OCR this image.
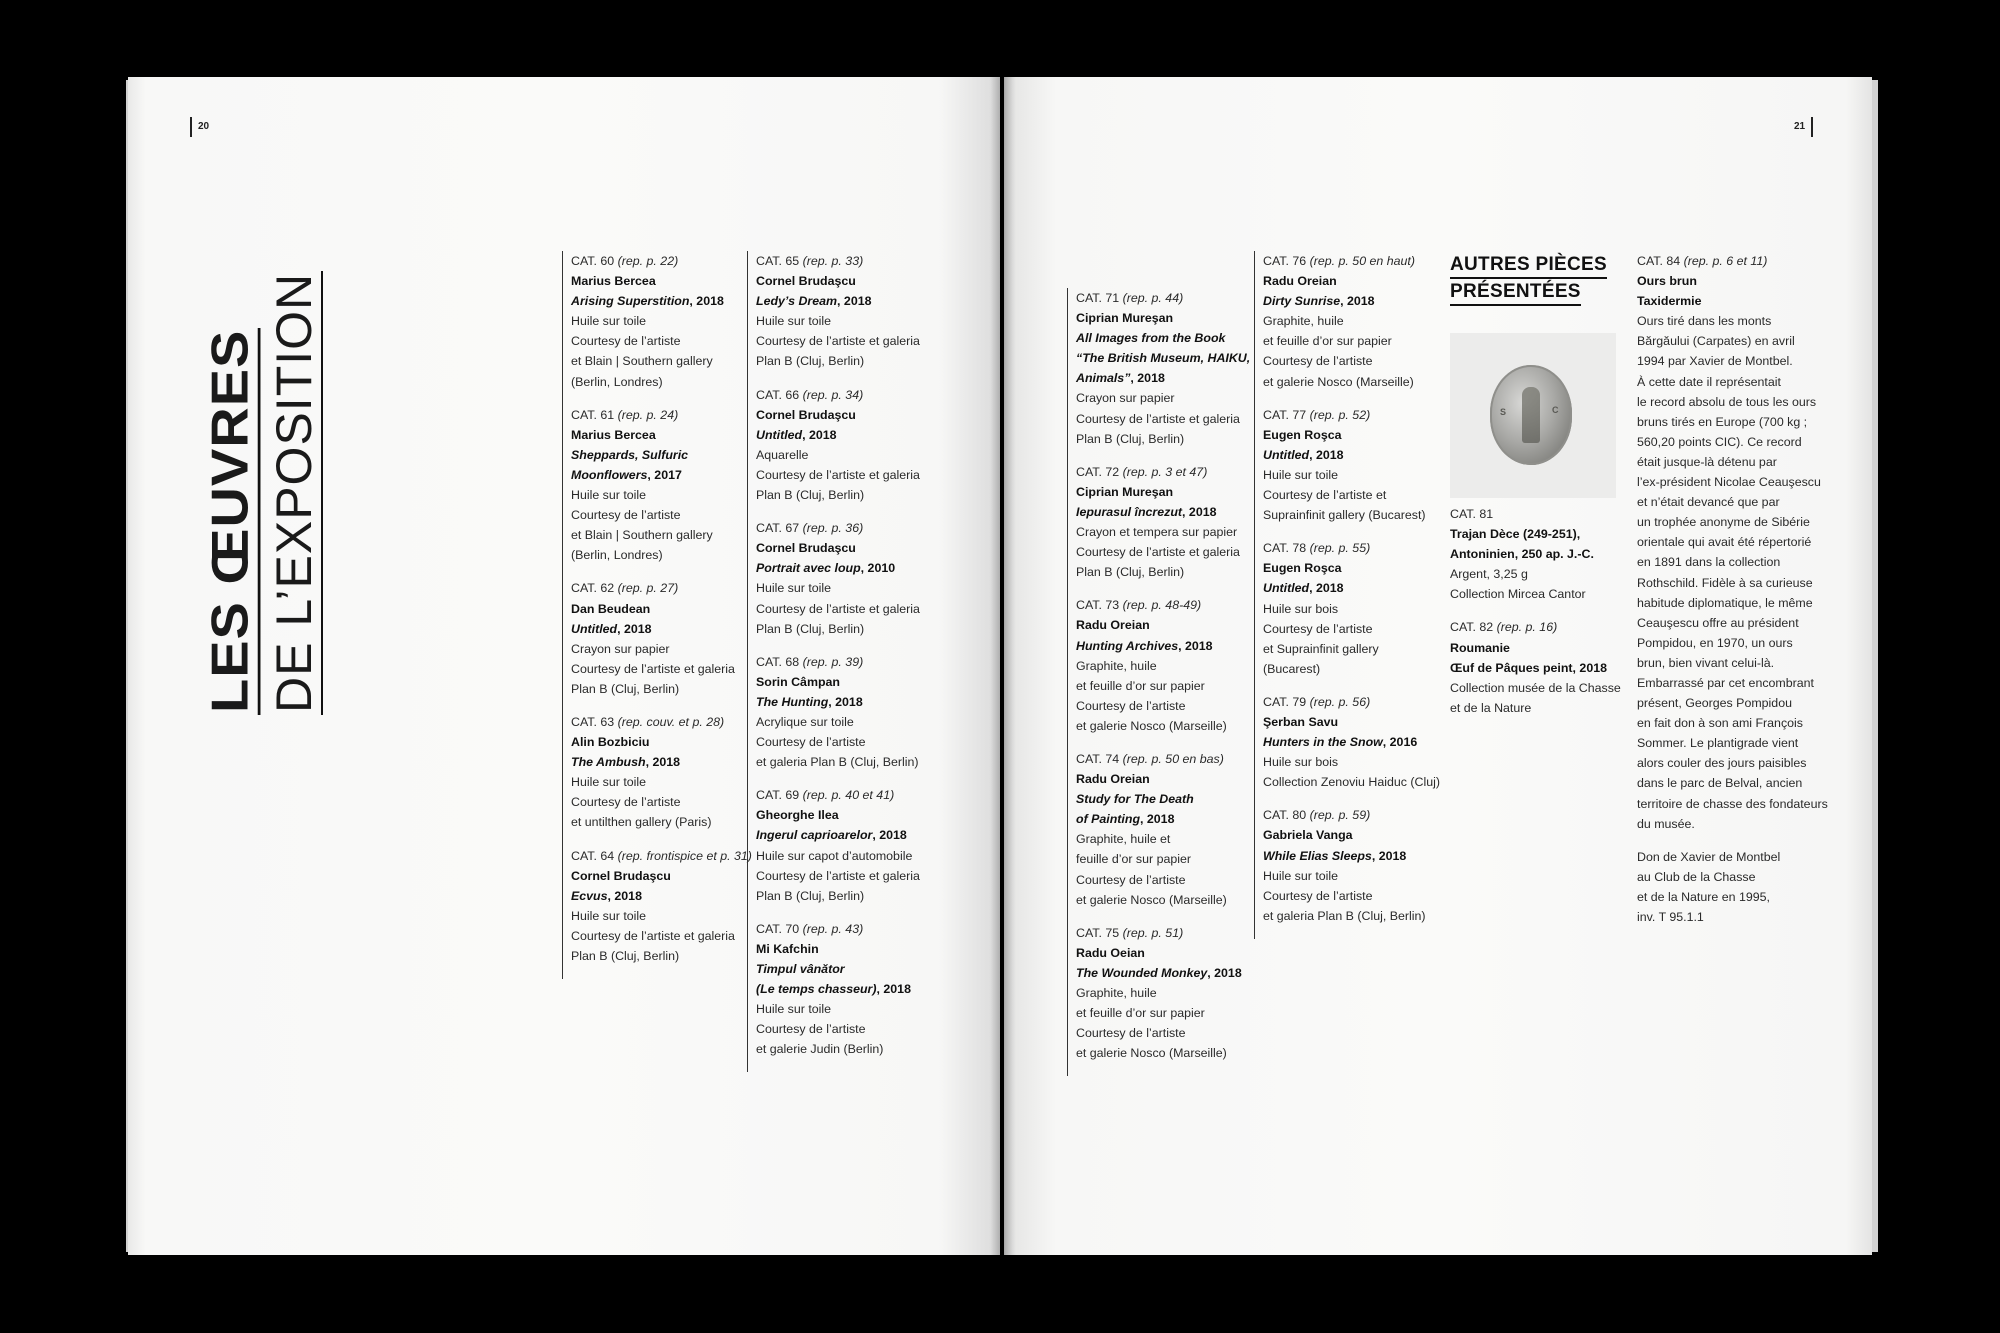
20	21
LES ŒUVRES DE L’EXPOSITION
CAT. 60 (rep. p. 22)
Marius Bercea
Arising Superstition, 2018
Huile sur toile
Courtesy de l’artiste
et Blain | Southern gallery
(Berlin, Londres)
CAT. 61 (rep. p. 24)
Marius Bercea
Sheppards, Sulfuric
Moonflowers, 2017
Huile sur toile
Courtesy de l’artiste
et Blain | Southern gallery
(Berlin, Londres)
CAT. 62 (rep. p. 27)
Dan Beudean
Untitled, 2018
Crayon sur papier
Courtesy de l’artiste et galeria
Plan B (Cluj, Berlin)
CAT. 63 (rep. couv. et p. 28)
Alin Bozbiciu
The Ambush, 2018
Huile sur toile
Courtesy de l’artiste
et untilthen gallery (Paris)
CAT. 64 (rep. frontispice et p. 31)
Cornel Brudaşcu
Ecvus, 2018
Huile sur toile
Courtesy de l’artiste et galeria
Plan B (Cluj, Berlin)
CAT. 65 (rep. p. 33)
Cornel Brudaşcu
Ledy’s Dream, 2018
Huile sur toile
Courtesy de l’artiste et galeria
Plan B (Cluj, Berlin)
CAT. 66 (rep. p. 34)
Cornel Brudaşcu
Untitled, 2018
Aquarelle
Courtesy de l’artiste et galeria
Plan B (Cluj, Berlin)
CAT. 67 (rep. p. 36)
Cornel Brudaşcu
Portrait avec loup, 2010
Huile sur toile
Courtesy de l’artiste et galeria
Plan B (Cluj, Berlin)
CAT. 68 (rep. p. 39)
Sorin Câmpan
The Hunting, 2018
Acrylique sur toile
Courtesy de l’artiste
et galeria Plan B (Cluj, Berlin)
CAT. 69 (rep. p. 40 et 41)
Gheorghe Ilea
Ingerul caprioarelor, 2018
Huile sur capot d’automobile
Courtesy de l’artiste et galeria
Plan B (Cluj, Berlin)
CAT. 70 (rep. p. 43)
Mi Kafchin
Timpul vânător
(Le temps chasseur), 2018
Huile sur toile
Courtesy de l’artiste
et galerie Judin (Berlin)
CAT. 71 (rep. p. 44)
Ciprian Mureşan
All Images from the Book
“The British Museum, HAIKU,
Animals”, 2018
Crayon sur papier
Courtesy de l’artiste et galeria
Plan B (Cluj, Berlin)
CAT. 72 (rep. p. 3 et 47)
Ciprian Mureşan
Iepurasul încrezut, 2018
Crayon et tempera sur papier
Courtesy de l’artiste et galeria
Plan B (Cluj, Berlin)
CAT. 73 (rep. p. 48-49)
Radu Oreian
Hunting Archives, 2018
Graphite, huile
et feuille d’or sur papier
Courtesy de l’artiste
et galerie Nosco (Marseille)
CAT. 74 (rep. p. 50 en bas)
Radu Oreian
Study for The Death
of Painting, 2018
Graphite, huile et
feuille d’or sur papier
Courtesy de l’artiste
et galerie Nosco (Marseille)
CAT. 75 (rep. p. 51)
Radu Oeian
The Wounded Monkey, 2018
Graphite, huile
et feuille d’or sur papier
Courtesy de l’artiste
et galerie Nosco (Marseille)
CAT. 76 (rep. p. 50 en haut)
Radu Oreian
Dirty Sunrise, 2018
Graphite, huile
et feuille d’or sur papier
Courtesy de l’artiste
et galerie Nosco (Marseille)
CAT. 77 (rep. p. 52)
Eugen Roşca
Untitled, 2018
Huile sur toile
Courtesy de l’artiste et
Suprainfinit gallery (Bucarest)
CAT. 78 (rep. p. 55)
Eugen Roşca
Untitled, 2018
Huile sur bois
Courtesy de l’artiste
et Suprainfinit gallery
(Bucarest)
CAT. 79 (rep. p. 56)
Şerban Savu
Hunters in the Snow, 2016
Huile sur bois
Collection Zenoviu Haiduc (Cluj)
CAT. 80 (rep. p. 59)
Gabriela Vanga
While Elias Sleeps, 2018
Huile sur toile
Courtesy de l’artiste
et galeria Plan B (Cluj, Berlin)
AUTRES PIÈCES
PRÉSENTÉES
S	C
CAT. 81
Trajan Dèce (249-251),
Antoninien, 250 ap. J.-C.
Argent, 3,25 g
Collection Mircea Cantor
CAT. 82 (rep. p. 16)
Roumanie
Œuf de Pâques peint, 2018
Collection musée de la Chasse
et de la Nature
CAT. 84 (rep. p. 6 et 11)
Ours brun
Taxidermie
Ours tiré dans les monts
Bărgăului (Carpates) en avril
1994 par Xavier de Montbel.
À cette date il représentait
le record absolu de tous les ours
bruns tirés en Europe (700 kg ;
560,20 points CIC). Ce record
était jusque-là détenu par
l’ex-président Nicolae Ceauşescu
et n’était devancé que par
un trophée anonyme de Sibérie
orientale qui avait été répertorié
en 1891 dans la collection
Rothschild. Fidèle à sa curieuse
habitude diplomatique, le même
Ceauşescu offre au président
Pompidou, en 1970, un ours
brun, bien vivant celui-là.
Embarrassé par cet encombrant
présent, Georges Pompidou
en fait don à son ami François
Sommer. Le plantigrade vient
alors couler des jours paisibles
dans le parc de Belval, ancien
territoire de chasse des fondateurs
du musée.
Don de Xavier de Montbel
au Club de la Chasse
et de la Nature en 1995,
inv. T 95.1.1
